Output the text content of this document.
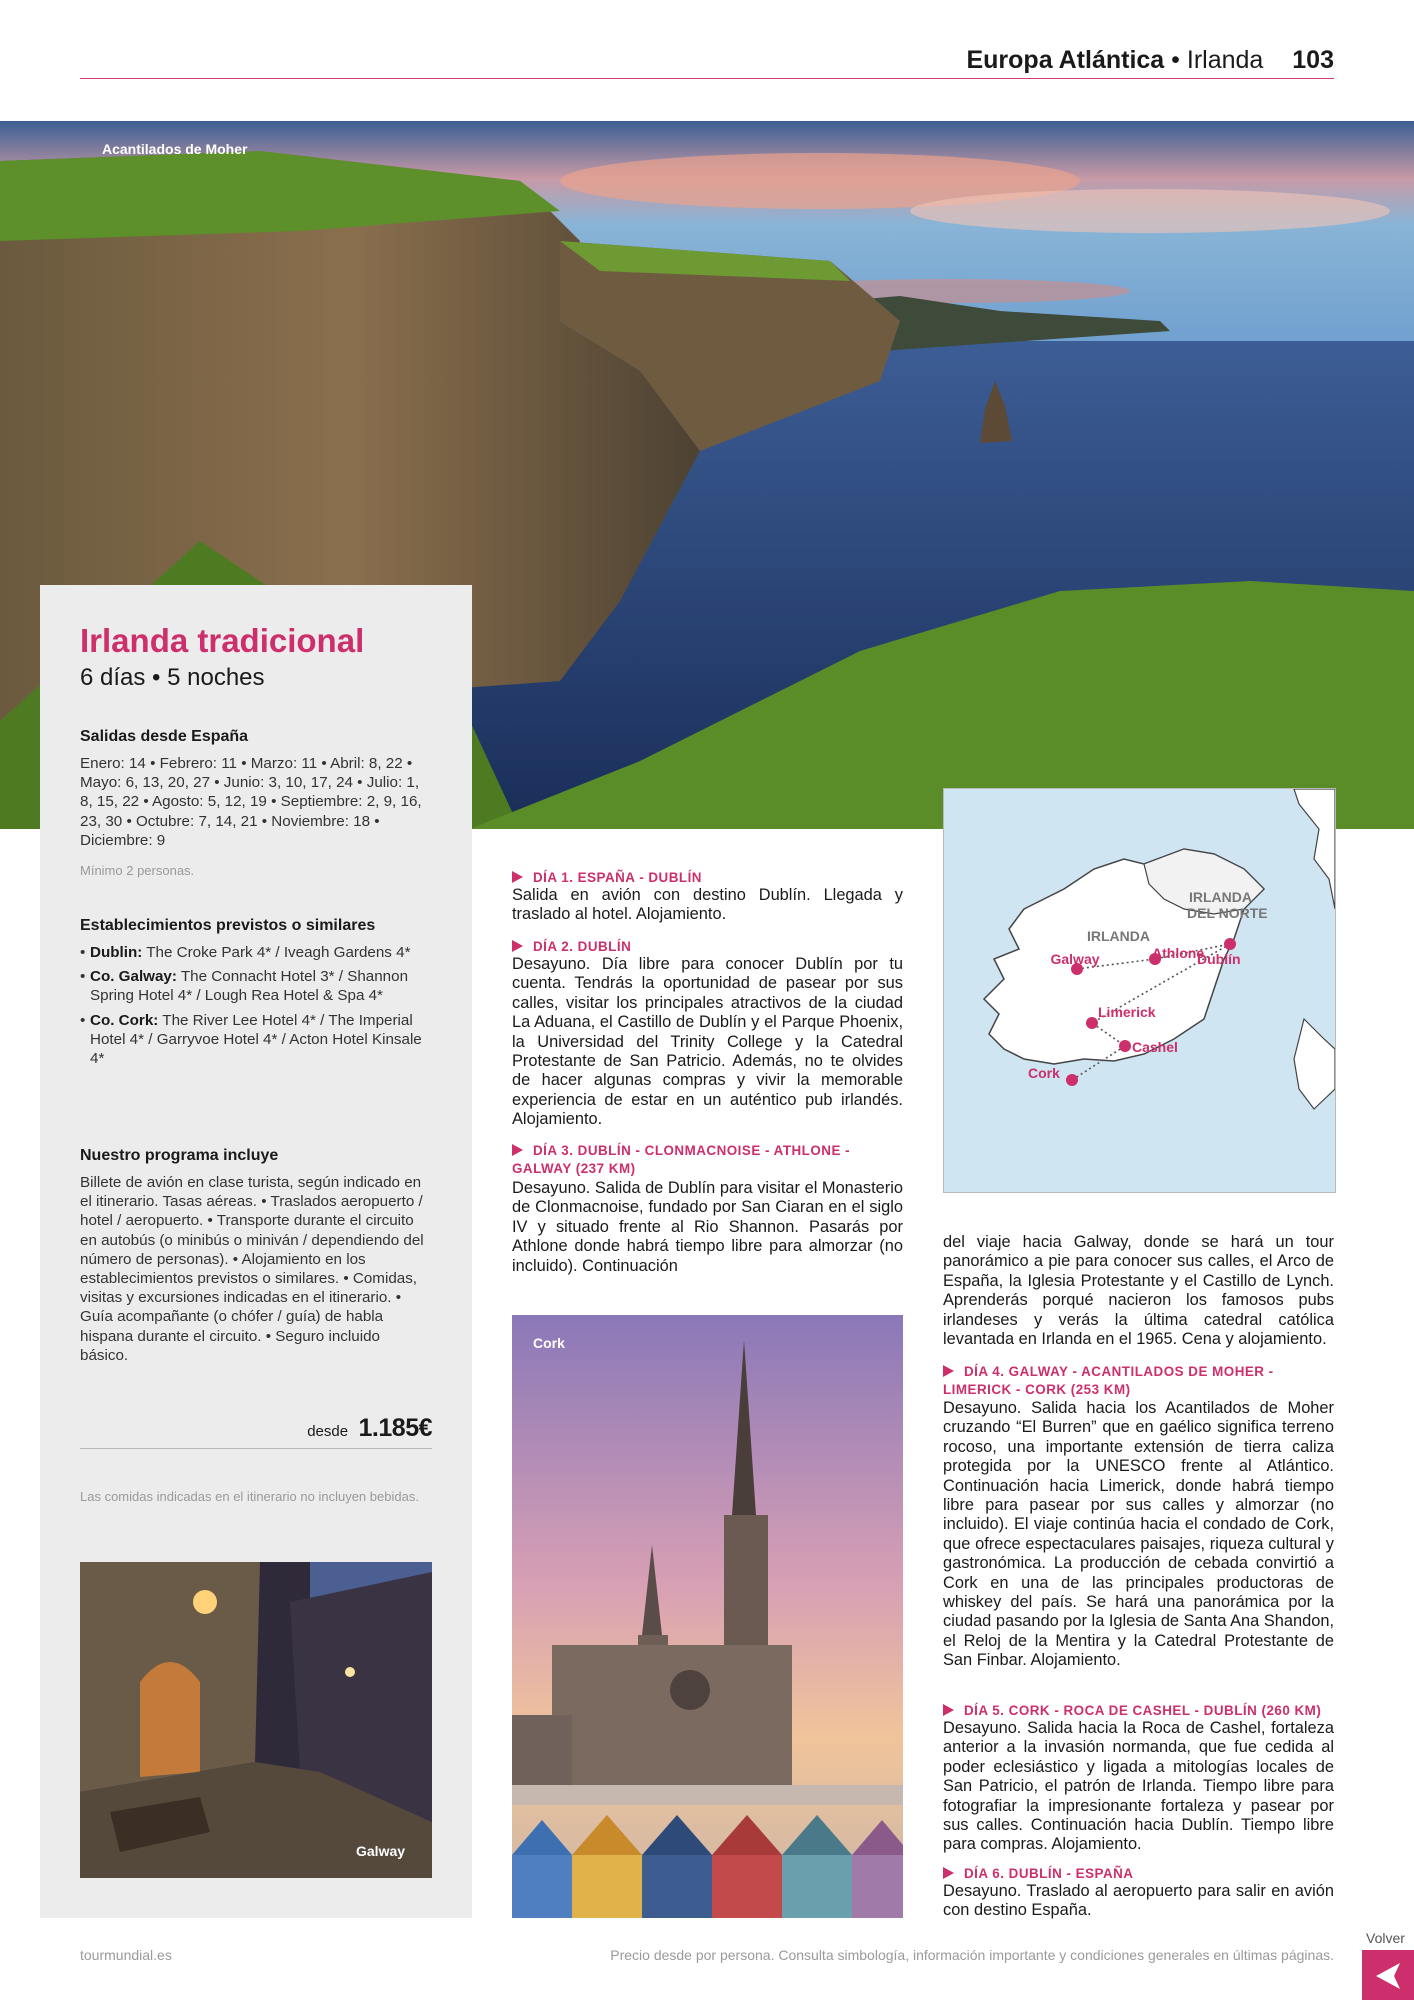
Europa Atlántica • Irlanda 103
Acantilados de Moher
Irlanda tradicional
6 días • 5 noches
Salidas desde España
Enero: 14 • Febrero: 11 • Marzo: 11 • Abril: 8, 22 • Mayo: 6, 13, 20, 27 • Junio: 3, 10, 17, 24 • Julio: 1, 8, 15, 22 • Agosto: 5, 12, 19 • Septiembre: 2, 9, 16, 23, 30 • Octubre: 7, 14, 21 • Noviembre: 18 • Diciembre: 9
Mínimo 2 personas.
Establecimientos previstos o similares
• Dublin: The Croke Park 4* / Iveagh Gardens 4*
• Co. Galway: The Connacht Hotel 3* / Shannon Spring Hotel 4* / Lough Rea Hotel & Spa 4*
• Co. Cork: The River Lee Hotel 4* / The Imperial Hotel 4* / Garryvoe Hotel 4* / Acton Hotel Kinsale 4*
Nuestro programa incluye
Billete de avión en clase turista, según indicado en el itinerario. Tasas aéreas. • Traslados aeropuerto / hotel / aeropuerto. • Transporte durante el circuito en autobús (o minibús o miniván / dependiendo del número de personas). • Alojamiento en los establecimientos previstos o similares. • Comidas, visitas y excursiones indicadas en el itinerario. • Guía acompañante (o chófer / guía) de habla hispana durante el circuito. • Seguro incluido básico.
desde 1.185€
Las comidas indicadas en el itinerario no incluyen bebidas.
Galway
DÍA 1. ESPAÑA - DUBLÍN
Salida en avión con destino Dublín. Llegada y traslado al hotel. Alojamiento.
DÍA 2. DUBLÍN
Desayuno. Día libre para conocer Dublín por tu cuenta. Tendrás la oportunidad de pasear por sus calles, visitar los principales atractivos de la ciudad La Aduana, el Castillo de Dublín y el Parque Phoenix, la Universidad del Trinity College y la Catedral Protestante de San Patricio. Además, no te olvides de hacer algunas compras y vivir la memorable experiencia de estar en un auténtico pub irlandés. Alojamiento.
DÍA 3. DUBLÍN - CLONMACNOISE - ATHLONE - GALWAY (237 KM)
Desayuno. Salida de Dublín para visitar el Monasterio de Clonmacnoise, fundado por San Ciaran en el siglo IV y situado frente al Rio Shannon. Pasarás por Athlone donde habrá tiempo libre para almorzar (no incluido). Continuación
Cork
IRLANDA
IRLANDA
DEL NORTE
Galway	Athlone
Dublín
Limerick
Cashel
Cork
del viaje hacia Galway, donde se hará un tour panorámico a pie para conocer sus calles, el Arco de España, la Iglesia Protestante y el Castillo de Lynch. Aprenderás porqué nacieron los famosos pubs irlandeses y verás la última catedral católica levantada en Irlanda en el 1965. Cena y alojamiento.
DÍA 4. GALWAY - ACANTILADOS DE MOHER - LIMERICK - CORK (253 KM)
Desayuno. Salida hacia los Acantilados de Moher cruzando “El Burren” que en gaélico significa terreno rocoso, una importante extensión de tierra caliza protegida por la UNESCO frente al Atlántico. Continuación hacia Limerick, donde habrá tiempo libre para pasear por sus calles y almorzar (no incluido). El viaje continúa hacia el condado de Cork, que ofrece espectaculares paisajes, riqueza cultural y gastronómica. La producción de cebada convirtió a Cork en una de las principales productoras de whiskey del país. Se hará una panorámica por la ciudad pasando por la Iglesia de Santa Ana Shandon, el Reloj de la Mentira y la Catedral Protestante de San Finbar. Alojamiento.
DÍA 5. CORK - ROCA DE CASHEL - DUBLÍN (260 KM)
Desayuno. Salida hacia la Roca de Cashel, fortaleza anterior a la invasión normanda, que fue cedida al poder eclesiástico y ligada a mitologías locales de San Patricio, el patrón de Irlanda. Tiempo libre para fotografiar la impresionante fortaleza y pasear por sus calles. Continuación hacia Dublín. Tiempo libre para compras. Alojamiento.
DÍA 6. DUBLÍN - ESPAÑA
Desayuno. Traslado al aeropuerto para salir en avión con destino España.
tourmundial.es	Precio desde por persona. Consulta simbología, información importante y condiciones generales en últimas páginas.
Volver
